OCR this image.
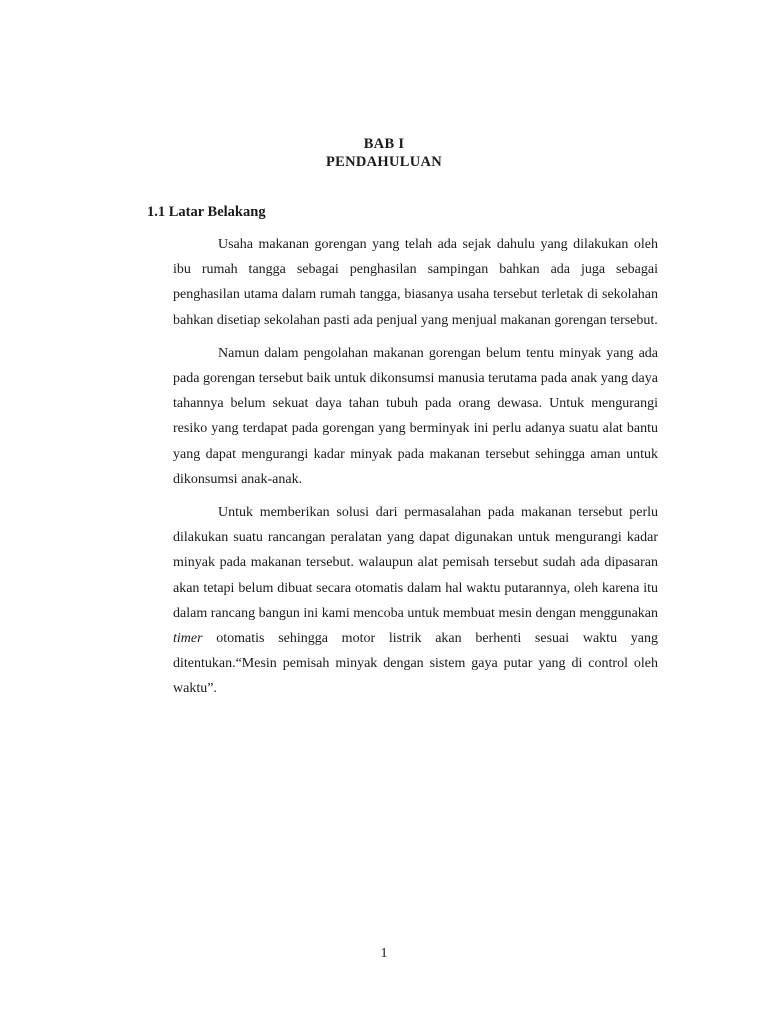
BAB I
PENDAHULUAN
1.1 Latar Belakang

Usaha makanan gorengan yang telah ada sejak dahulu yang dilakukan oleh ibu rumah tangga sebagai penghasilan sampingan bahkan ada juga sebagai penghasilan utama dalam rumah tangga, biasanya usaha tersebut terletak di sekolahan bahkan disetiap sekolahan pasti ada penjual yang menjual makanan gorengan tersebut.

Namun dalam pengolahan makanan gorengan belum tentu minyak yang ada pada gorengan tersebut baik untuk dikonsumsi manusia terutama pada anak yang daya tahannya belum sekuat daya tahan tubuh pada orang dewasa. Untuk mengurangi resiko yang terdapat pada gorengan yang berminyak ini perlu adanya suatu alat bantu yang dapat mengurangi kadar minyak pada makanan tersebut sehingga aman untuk dikonsumsi anak-anak.

Untuk memberikan solusi dari permasalahan pada makanan tersebut perlu dilakukan suatu rancangan peralatan yang dapat digunakan untuk mengurangi kadar minyak pada makanan tersebut. walaupun alat pemisah tersebut sudah ada dipasaran akan tetapi belum dibuat secara otomatis dalam hal waktu putarannya, oleh karena itu dalam rancang bangun ini kami mencoba untuk membuat mesin dengan menggunakan timer otomatis sehingga motor listrik akan berhenti sesuai waktu yang ditentukan.“Mesin pemisah minyak dengan sistem gaya putar yang di control oleh waktu”.

1
